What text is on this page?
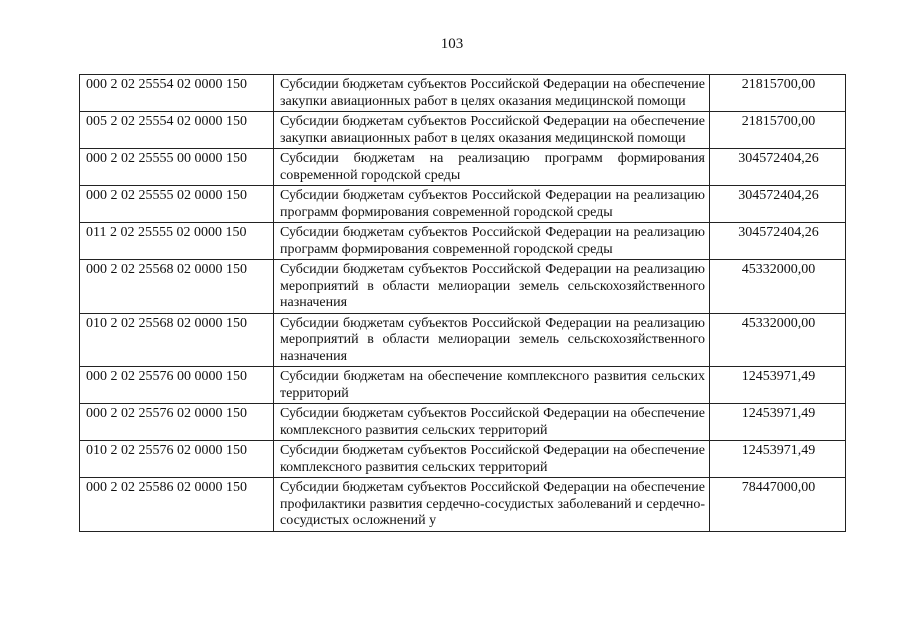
103
000 2 02 25554 02 0000 150	Субсидии бюджетам субъектов Российской Федерации на обеспечение закупки авиационных работ в целях оказания медицинской помощи	21815700,00
005 2 02 25554 02 0000 150	Субсидии бюджетам субъектов Российской Федерации на обеспечение закупки авиационных работ в целях оказания медицинской помощи	21815700,00
000 2 02 25555 00 0000 150	Субсидии бюджетам на реализацию программ формирования современной городской среды	304572404,26
000 2 02 25555 02 0000 150	Субсидии бюджетам субъектов Российской Федерации на реализацию программ формирования современной городской среды	304572404,26
011 2 02 25555 02 0000 150	Субсидии бюджетам субъектов Российской Федерации на реализацию программ формирования современной городской среды	304572404,26
000 2 02 25568 02 0000 150	Субсидии бюджетам субъектов Российской Федерации на реализацию мероприятий в области мелиорации земель сельскохозяйственного назначения	45332000,00
010 2 02 25568 02 0000 150	Субсидии бюджетам субъектов Российской Федерации на реализацию мероприятий в области мелиорации земель сельскохозяйственного назначения	45332000,00
000 2 02 25576 00 0000 150	Субсидии бюджетам на обеспечение комплексного развития сельских территорий	12453971,49
000 2 02 25576 02 0000 150	Субсидии бюджетам субъектов Российской Федерации на обеспечение комплексного развития сельских территорий	12453971,49
010 2 02 25576 02 0000 150	Субсидии бюджетам субъектов Российской Федерации на обеспечение комплексного развития сельских территорий	12453971,49
000 2 02 25586 02 0000 150	Субсидии бюджетам субъектов Российской Федерации на обеспечение профилактики развития сердечно-сосудистых заболеваний и сердечно-сосудистых осложнений у	78447000,00
